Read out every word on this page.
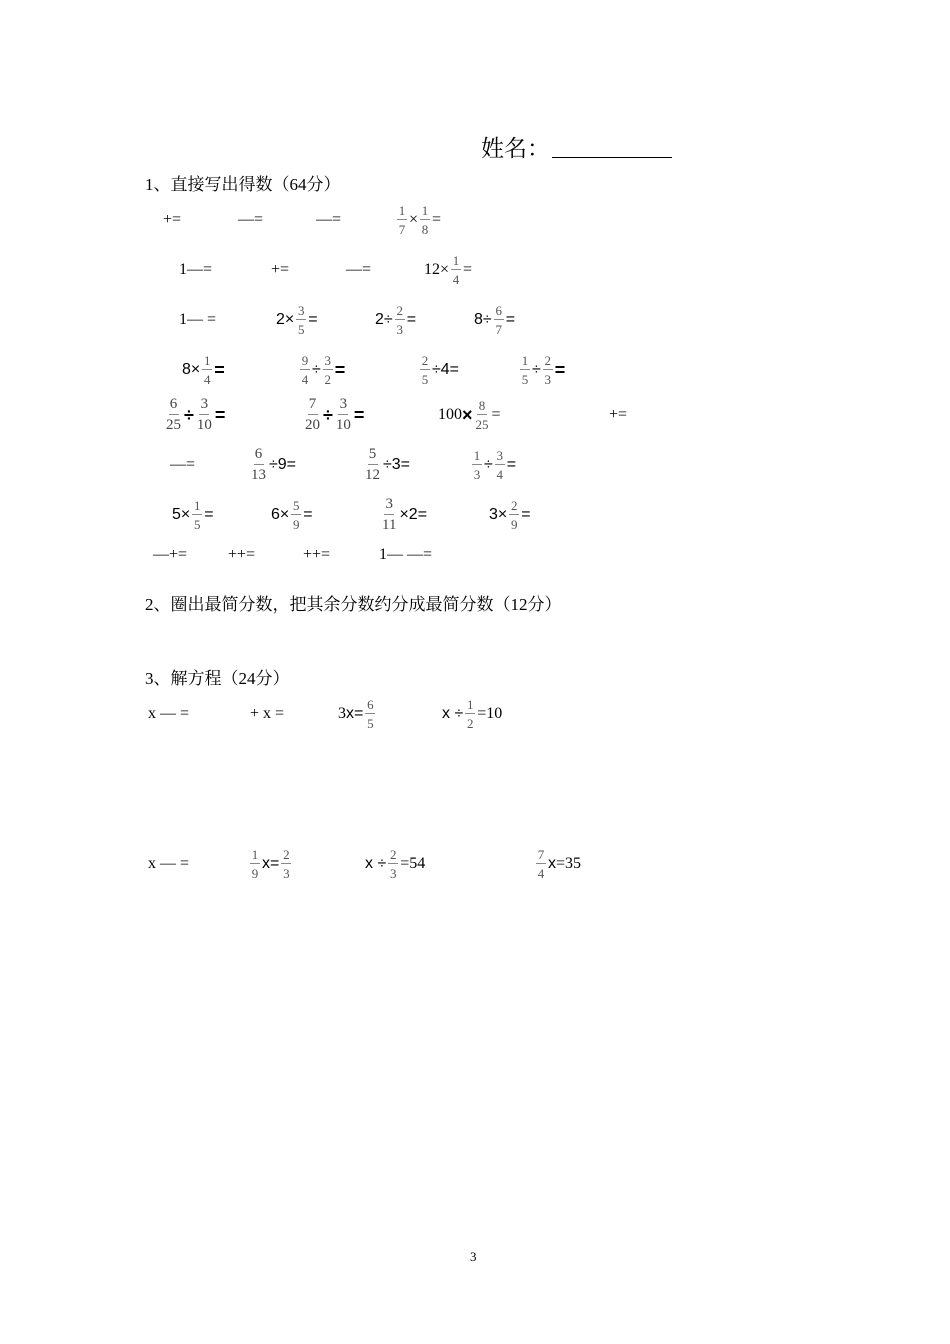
姓名：
1、直接写出得数（64分）
2、圈出最简分数，把其余分数约分成最简分数（12分）
3、解方程（24分）
+=	—=	—=	$\frac{1}{7} \times \frac{1}{8}$ =
1—=	+=	—=	$12\times \frac{1}{4}$ =
1— =	$2\times \frac{3}{5}$ =	$2\div \frac{2}{3}$ =	$8\div \frac{6}{7}$ =
$8\times \frac{1}{4}$ =	$\frac{9}{4} \div \frac{3}{2}$ =	$\frac{2}{5} \div 4=$	$\frac{1}{5} \div \frac{2}{3}$ =
$\frac{6}{25} \div \frac{3}{10}$ =	$\frac{7}{20} \div \frac{3}{10}$ =	$100 \times \frac{8}{25}$ =	+=
—=	$\frac{6}{13} \div 9=$	$\frac{5}{12} \div 3=$	$\frac{1}{3} \div \frac{3}{4}$ =
$5\times \frac{1}{5}$ =	$6\times \frac{5}{9}$ =	$\frac{3}{11} \times 2=$	$3\times \frac{2}{9}$ =
—+=	++=	++=	1— —=
x — =	+ x =	3 $x= \frac{6}{5}$	$x \div \frac{1}{2} =10$
x — =	$\frac{1}{9} x= \frac{2}{3}$	$x \div \frac{2}{3} =54$	$\frac{7}{4}$ x =35
3
